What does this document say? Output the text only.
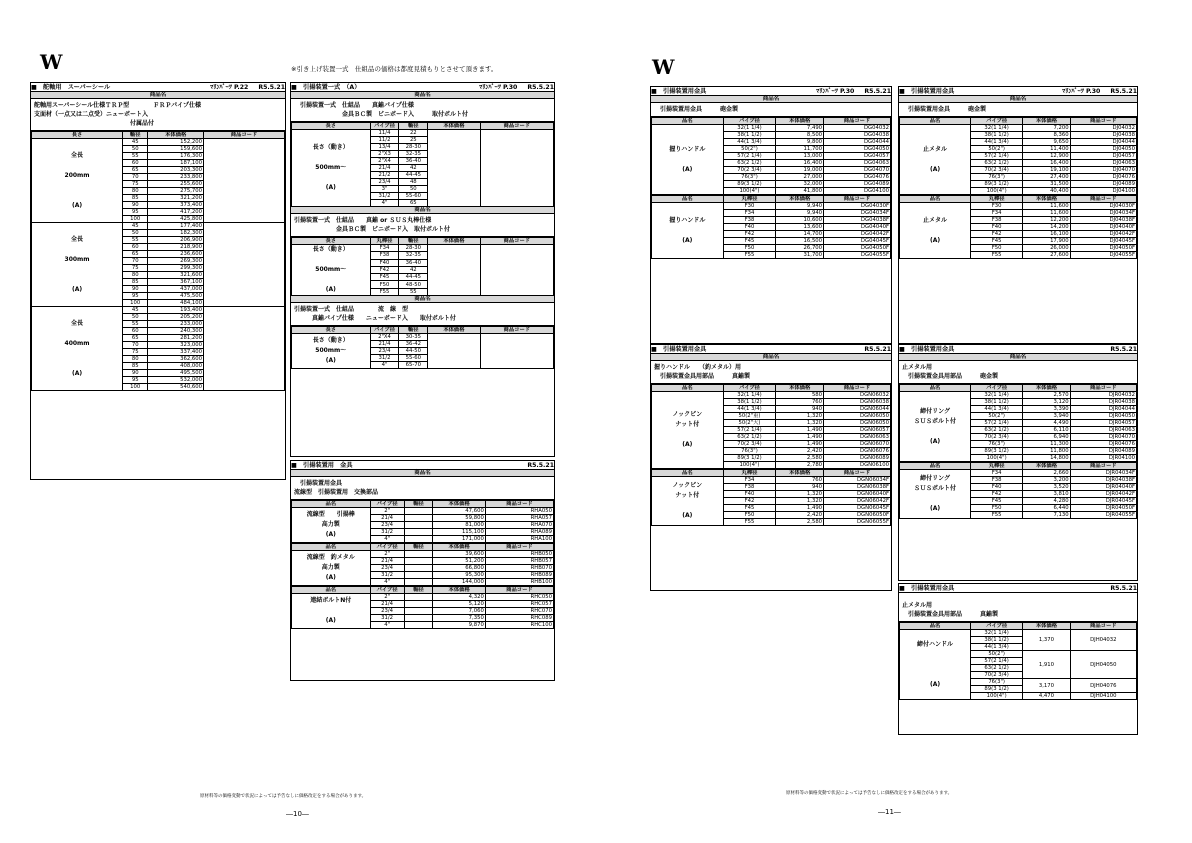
W	※引き上げ装置一式　仕組品の価格は都度見積もりとさせて頂きます。
■　舵軸用　スーパーシール	ﾏﾘﾝﾊﾟｰﾂ P.22 R5.5.21
商品名
舵軸用スーパーシール仕様ＴＲＰ型　　　　ＦＲＰパイプ仕様
支面材（一点又は二点受）ニューボート入
　　　　　　　　　　　　　　　　付属品付
長さ	軸径	本体価格	商品コード
全長

200mm

(A)	45	152,200	
	50	159,600	
	55	176,300	
	60	187,100	
	65	203,300	
	70	233,800	
	75	255,600	
	80	275,700	
	85	321,200	
	90	373,400	
	95	417,200	
	100	425,800	
全長

300mm

(A)	45	177,400	
	50	182,300	
	55	206,900	
	60	218,900	
	65	236,600	
	70	269,300	
	75	299,300	
	80	321,600	
	85	367,100	
	90	437,000	
	95	475,500	
	100	484,100	
全長

400mm

(A)	45	193,400	
	50	205,200	
	55	233,000	
	60	240,300	
	65	281,200	
	70	323,000	
	75	337,400	
	80	362,600	
	85	408,000	
	90	495,500	
	95	532,000	
	100	540,600	
■　引揚装置一式　（A）	ﾏﾘﾝﾊﾟｰﾂ P.30 R5.5.21
商品名
　引揚装置一式　仕組品　　真鍮パイプ仕様
　　　　　　　　金具ＢＣ製　ビニボード入　　　取付ボルト付
長さ	パイプ径	軸径	本体価格	商品コード
長さ（動き）

500mm～

(A)	11/4	22		
	11/2	25		
	13/4	28-30		
	2"X3	32-35		
	2"X4	36-40		
	21/4	42		
	21/2	44-45		
	23/4	48		
	3"	50		
	31/2	55-60		
	4"	65		
商品名
引揚装置一式　仕組品　　真鍮 or ＳＵＳ丸棒仕様
　　　　　　　金具ＢＣ製　ビニボード入　取付ボルト付
長さ	丸棒径	軸径	本体価格	商品コード
長さ（動き）

500mm～

(A)	F34	28-30		
	F38	32-35		
	F40	36-40		
	F42	42		
	F45	44-45		
	F50	48-50		
	F55	55		
商品名
引揚装置一式　仕組品　　　　流　線　型
　　　真鍮パイプ仕様　　ニューボード入　　取付ボルト付
長さ	パイプ径	軸径	本体価格	商品コード
長さ（動き）
500mm～
(A)	2"X4	30-35		
	21/4	36-42		
	23/4	44-50		
	31/2	55-60		
	4"	65-70		
■　引揚装置用　金具	R5.5.21
商品名
　引揚装置用金具
流線型　引揚装置用　交換部品
品名	パイプ径	軸径	本体価格	商品コード
流線型　　引揚棒
高力製
(A)	2"		47,600	RHA050
	21/4		59,800	RHA057
	23/4		81,000	RHA070
	31/2		115,100	RHA089
	4"		171,000	RHA100
品名	パイプ径	軸径	本体価格	商品コード
流線型　釣メタル
高力製
(A)	2"		39,600	RHB050
	21/4		51,200	RHB057
	23/4		66,800	RHB070
	31/2		95,300	RHB089
	4"		144,000	RHB100
品名	パイプ径	軸径	本体価格	商品コード
連結ボルトN付

(A)	2"		4,320	RHC050
	21/4		5,120	RHC057
	23/4		7,060	RHC070
	31/2		7,350	RHC089
	4"		9,870	RHC100
原材料等の価格変動で状況によっては予告なしに価格改定をする場合があります。
―10―
W
■　引揚装置用金具	ﾏﾘﾝﾊﾟｰﾂ P.30 R5.5.21
商品名
　引揚装置用金具　　　砲金製
品名	パイプ径	本体価格	商品コード
握りハンドル

(A)	32(1 1/4)	7,490	DG04032
	38(1 1/2)	8,500	DG04038
	44(1 3/4)	9,800	DG04044
	50(2")	11,700	DG04050
	57(2 1/4)	13,000	DG04057
	63(2 1/2)	16,400	DG04063
	70(2 3/4)	19,000	DG04070
	76(3")	27,000	DG04076
	89(3 1/2)	32,000	DG04089
	100(4")	41,800	DG04100
品名	丸棒径	本体価格	商品コード
握りハンドル

(A)	F30	9,940	DG04030F
	F34	9,940	DG04034F
	F38	10,600	DG04038F
	F40	13,600	DG04040F
	F42	14,700	DG04042F
	F45	16,500	DG04045F
	F50	26,700	DG04050F
	F55	31,700	DG04055F
■　引揚装置用金具	ﾏﾘﾝﾊﾟｰﾂ P.30 R5.5.21
商品名
　引揚装置用金具　　　砲金製
品名	パイプ径	本体価格	商品コード
止メタル

(A)	32(1 1/4)	7,200	DJ04032
	38(1 1/2)	8,360	DJ04038
	44(1 3/4)	9,650	DJ04044
	50(2")	11,400	DJ04050
	57(2 1/4)	12,900	DJ04057
	63(2 1/2)	16,400	DJ04063
	70(2 3/4)	19,100	DJ04070
	76(3")	27,400	DJ04076
	89(3 1/2)	31,500	DJ04089
	100(4")	40,400	DJ04100
品名	丸棒径	本体価格	商品コード
止メタル

(A)	F30	11,600	DJ04030F
	F34	11,600	DJ04034F
	F38	12,200	DJ04038F
	F40	14,200	DJ04040F
	F42	16,100	DJ04042F
	F45	17,900	DJ04045F
	F50	26,000	DJ04050F
	F55	27,600	DJ04055F
■　引揚装置用金具	R5.5.21
商品名
握りハンドル　　（釣メタル）用
　引揚装置金具用部品　　　真鍮製
品名	パイプ径	本体価格	商品コード
ノックピン
ナット付

(A)	32(1 1/4)	580	DGN06032
	38(1 1/2)	760	DGN06038
	44(1 3/4)	940	DGN06044
	50(2"重)	1,320	DGN06050
	50(2"大)	1,320	DGN06050
	57(2 1/4)	1,490	DGN06057
	63(2 1/2)	1,490	DGN06063
	70(2 3/4)	1,490	DGN06070
	76(3")	2,420	DGN06076
	89(3 1/2)	2,580	DGN06089
	100(4")	2,780	DGN06100
品名	丸棒径	本体価格	商品コード
ノックピン
ナット付

(A)	F34	760	DGN06034F
	F38	940	DGN06038F
	F40	1,320	DGN06040F
	F42	1,320	DGN06042F
	F45	1,490	DGN06045F
	F50	2,420	DGN06050F
	F55	2,580	DGN06055F
■　引揚装置用金具	R5.5.21
商品名
止メタル用
　引揚装置金具用部品　　　砲金製
品名	パイプ径	本体価格	商品コード
締付リング
ＳＵＳボルト付

(A)	32(1 1/4)	2,570	DJR04032
	38(1 1/2)	3,120	DJR04038
	44(1 3/4)	3,390	DJR04044
	50(2")	3,940	DJR04050
	57(2 1/4)	4,490	DJR04057
	63(2 1/2)	6,110	DJR04063
	70(2 3/4)	6,940	DJR04070
	76(3")	11,300	DJR04076
	89(3 1/2)	11,800	DJR04089
	100(4")	14,800	DJR04100
品名	丸棒径	本体価格	商品コード
締付リング
ＳＵＳボルト付

(A)	F34	2,660	DJR04034F
	F38	3,200	DJR04038F
	F40	3,520	DJR04040F
	F42	3,810	DJR04042F
	F45	4,280	DJR04045F
	F50	6,440	DJR04050F
	F55	7,130	DJR04055F
■　引揚装置用金具	R5.5.21
止メタル用
　引揚装置金具用部品　　　真鍮製
品名	パイプ径	本体価格	商品コード
締付ハンドル

(A)	32(1 1/4)	1,370	DJH04032
	38(1 1/2)		
	44(1 3/4)		
	50(2")	1,910	DJH04050
	57(2 1/4)		
	63(2 1/2)		
	70(2 3/4)		
	76(3")	3,170	DJH04076
	89(3 1/2)		
	100(4")	4,470	DJH04100
原材料等の価格変動で状況によっては予告なしに価格改定をする場合があります。
―11―
